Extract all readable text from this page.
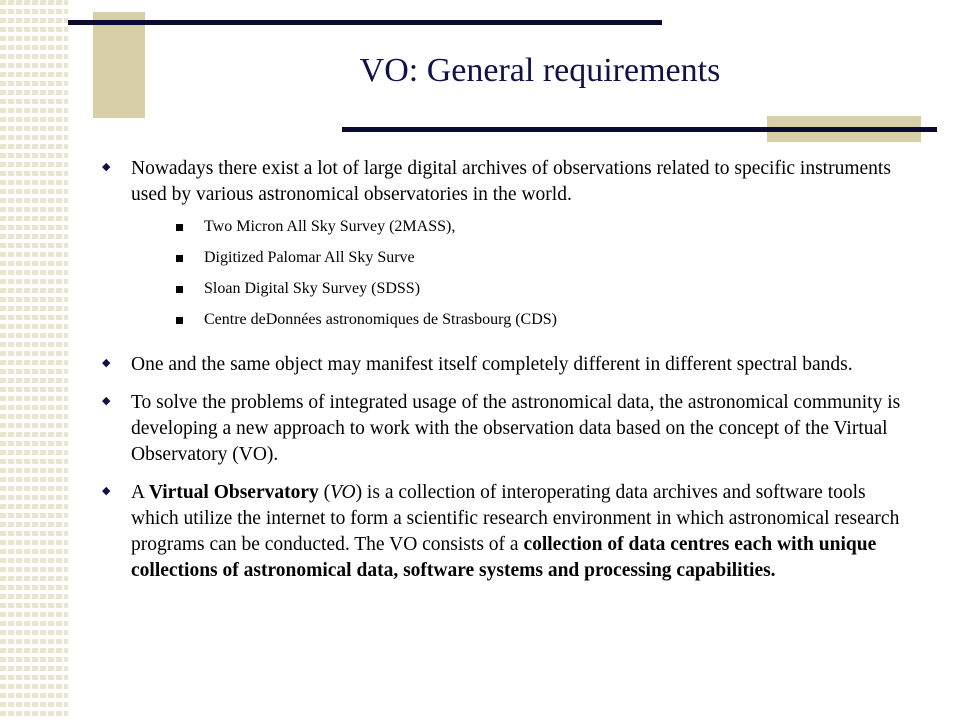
VO: General requirements
◆ Nowadays there exist a lot of large digital archives of observations related to specific instruments used by various astronomical observatories in the world.
Two Micron All Sky Survey (2MASS),
Digitized Palomar All Sky Surve
Sloan Digital Sky Survey (SDSS)
Centre deDonnées astronomiques de Strasbourg (CDS)
◆ One and the same object may manifest itself completely different in different spectral bands.
◆ To solve the problems of integrated usage of the astronomical data, the astronomical community is developing a new approach to work with the observation data based on the concept of the Virtual Observatory (VO).
◆ A Virtual Observatory (VO) is a collection of interoperating data archives and software tools which utilize the internet to form a scientific research environment in which astronomical research programs can be conducted. The VO consists of a collection of data centres each with unique collections of astronomical data, software systems and processing capabilities.
